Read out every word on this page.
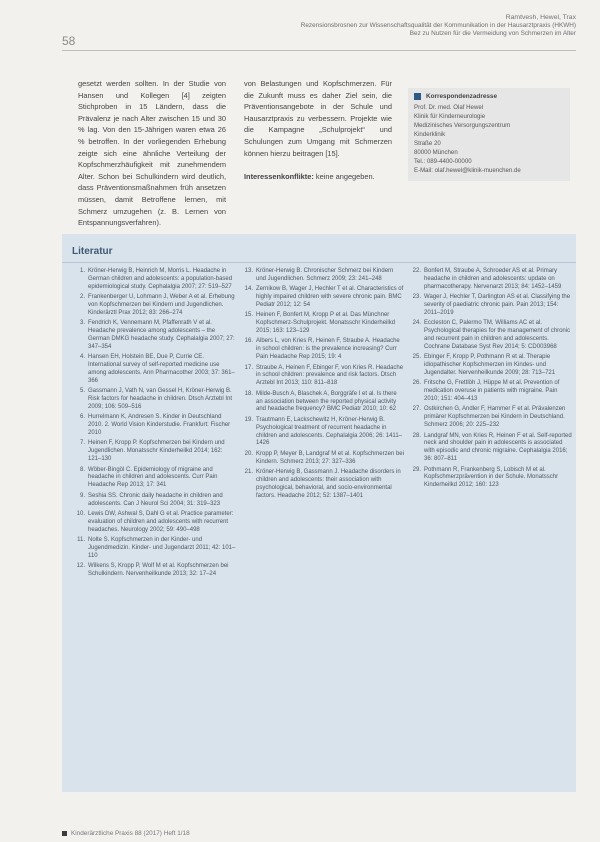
Ramtvesh, Hewel, Trax
Rezensionsbrosnen zur Wissenschaftsqualität der Kommunikation in der Hausarztpraxis (HKWH)
Bez zu Nutzen für die Vermeidung von Schmerzen im Alter
58
gesetzt werden sollten. In der Studie von Hansen und Kollegen [4] zeigten Stichproben in 15 Ländern, dass die Prävalenz je nach Alter zwischen 15 und 30 % lag. Von den 15-Jährigen waren etwa 26 % betroffen. In der vorliegenden Erhebung zeigte sich eine ähnliche Verteilung der Kopfschmerzhäufigkeit mit zunehmendem Alter. Schon bei Schulkindern wird deutlich, dass Präventionsmaßnahmen früh ansetzen müssen, damit Betroffene lernen, mit Schmerz umzugehen (z. B. Lernen von Entspannungsverfahren).
von Belastungen und Kopfschmerzen. Für die Zukunft muss es daher Ziel sein, die Präventionsangebote in der Schule und Hausarztpraxis zu verbessern. Projekte wie die Kampagne „Schulprojekt“ und Schulungen zum Umgang mit Schmerzen können hierzu beitragen [15].

Interessenkonflikte: keine angegeben.
Korrespondenzadresse
Prof. Dr. med. Olaf Hewel
Klinik für Kinderneurologie
Medizinisches Versorgungszentrum
Kinderklinik
Straße 20
80000 München
Tel.: 089-4400-00000
E-Mail: olaf.hewel@klinik-muenchen.de
Literatur
1. Kröner-Herwig B, Heinrich M, Morris L. Headache in German children and adolescents: a population-based epidemiological study. Cephalalgia 2007; 27: 519–527
2. Frankenberger U, Lohmann J, Weber A et al. Erhebung von Kopfschmerzen bei Kindern und Jugendlichen. Kinderärztl Prax 2012; 83: 266–274
3. Fendrich K, Vennemann M, Pfaffenrath V et al. Headache prevalence among adolescents – the German DMKG headache study. Cephalalgia 2007; 27: 347–354
4. Hansen EH, Holstein BE, Due P, Currie CE. International survey of self-reported medicine use among adolescents. Ann Pharmacother 2003; 37: 361–366
5. Gassmann J, Vath N, van Gessel H, Kröner-Herwig B. Risk factors for headache in children. Dtsch Arztebl Int 2009; 106: 509–516
6. Hurrelmann K, Andresen S. Kinder in Deutschland 2010. 2. World Vision Kinderstudie. Frankfurt: Fischer 2010
7. Heinen F, Kropp P. Kopfschmerzen bei Kindern und Jugendlichen. Monatsschr Kinderheilkd 2014; 162: 121–130
8. Wöber-Bingöl C. Epidemiology of migraine and headache in children and adolescents. Curr Pain Headache Rep 2013; 17: 341
9. Seshia SS. Chronic daily headache in children and adolescents. Can J Neurol Sci 2004; 31: 319–323
10. Lewis DW, Ashwal S, Dahl G et al. Practice parameter: evaluation of children and adolescents with recurrent headaches. Neurology 2002; 59: 490–498
11. Nolte S. Kopfschmerzen in der Kinder- und Jugendmedizin. Kinder- und Jugendarzt 2011; 42: 101–110
12. Wilkens S, Kropp P, Wolf M et al. Kopfschmerzen bei Schulkindern. Nervenheilkunde 2013; 32: 17–24
13. Kröner-Herwig B. Chronischer Schmerz bei Kindern und Jugendlichen. Schmerz 2009; 23: 241–248
14. Zernikow B, Wager J, Hechler T et al. Characteristics of highly impaired children with severe chronic pain. BMC Pediatr 2012; 12: 54
15. Heinen F, Bonfert M, Kropp P et al. Das Münchner Kopfschmerz-Schulprojekt. Monatsschr Kinderheilkd 2015; 163: 123–129
16. Albers L, von Kries R, Heinen F, Straube A. Headache in school children: is the prevalence increasing? Curr Pain Headache Rep 2015; 19: 4
17. Straube A, Heinen F, Ebinger F, von Kries R. Headache in school children: prevalence and risk factors. Dtsch Arztebl Int 2013; 110: 811–818
18. Milde-Busch A, Blaschek A, Borggräfe I et al. Is there an association between the reported physical activity and headache frequency? BMC Pediatr 2010; 10: 62
19. Trautmann E, Lackschewitz H, Kröner-Herwig B. Psychological treatment of recurrent headache in children and adolescents. Cephalalgia 2006; 26: 1411–1426
20. Kropp P, Meyer B, Landgraf M et al. Kopfschmerzen bei Kindern. Schmerz 2013; 27: 327–336
21. Kröner-Herwig B, Gassmann J. Headache disorders in children and adolescents: their association with psychological, behavioral, and socio-environmental factors. Headache 2012; 52: 1387–1401
22. Bonfert M, Straube A, Schroeder AS et al. Primary headache in children and adolescents: update on pharmacotherapy. Nervenarzt 2013; 84: 1452–1459
23. Wager J, Hechler T, Darlington AS et al. Classifying the severity of paediatric chronic pain. Pain 2013; 154: 2011–2019
24. Eccleston C, Palermo TM, Williams AC et al. Psychological therapies for the management of chronic and recurrent pain in children and adolescents. Cochrane Database Syst Rev 2014; 5: CD003968
25. Ebinger F, Kropp P, Pothmann R et al. Therapie idiopathischer Kopfschmerzen im Kindes- und Jugendalter. Nervenheilkunde 2009; 28: 713–721
26. Fritsche G, Frettlöh J, Hüppe M et al. Prevention of medication overuse in patients with migraine. Pain 2010; 151: 404–413
27. Ostkirchen G, Andler F, Hammer F et al. Prävalenzen primärer Kopfschmerzen bei Kindern in Deutschland. Schmerz 2006; 20: 225–232
28. Landgraf MN, von Kries R, Heinen F et al. Self-reported neck and shoulder pain in adolescents is associated with episodic and chronic migraine. Cephalalgia 2016; 36: 807–811
29. Pothmann R, Frankenberg S, Lobisch M et al. Kopfschmerzprävention in der Schule. Monatsschr Kinderheilkd 2012; 160: 123
Kinderärztliche Praxis 88 (2017) Heft 1/18
